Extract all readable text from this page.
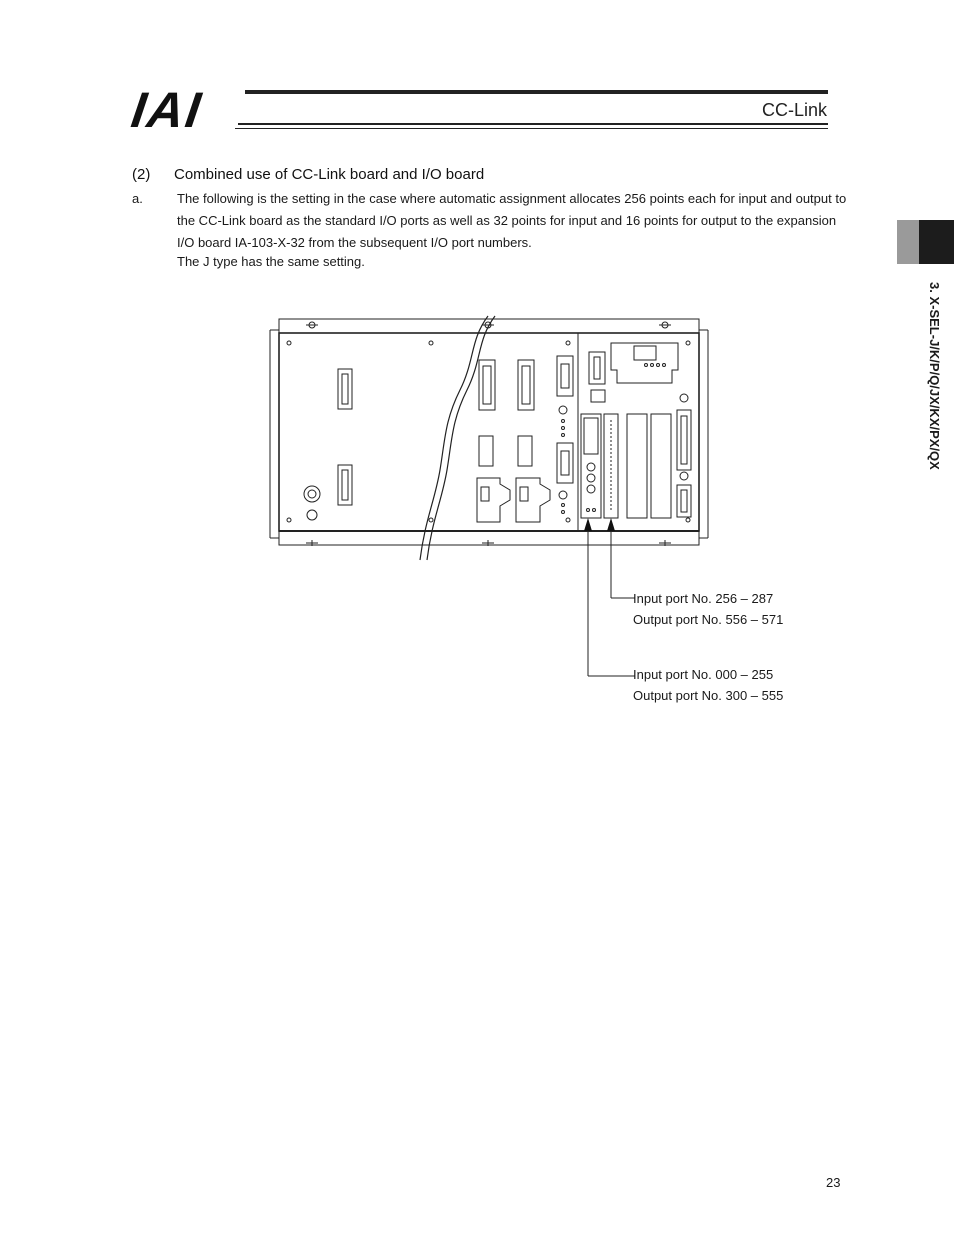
IAI	CC-Link
3. X-SEL-J/K/P/Q/JX/KX/PX/QX
(2) Combined use of CC-Link board and I/O board
a.	The following is the setting in the case where automatic assignment allocates 256 points each for input and output to the CC-Link board as the standard I/O ports as well as 32 points for input and 16 points for output to the expansion I/O board IA-103-X-32 from the subsequent I/O port numbers.
The J type has the same setting.
Input port No. 256 – 287
Output port No. 556 – 571
Input port No. 000 – 255
Output port No. 300 – 555
23
